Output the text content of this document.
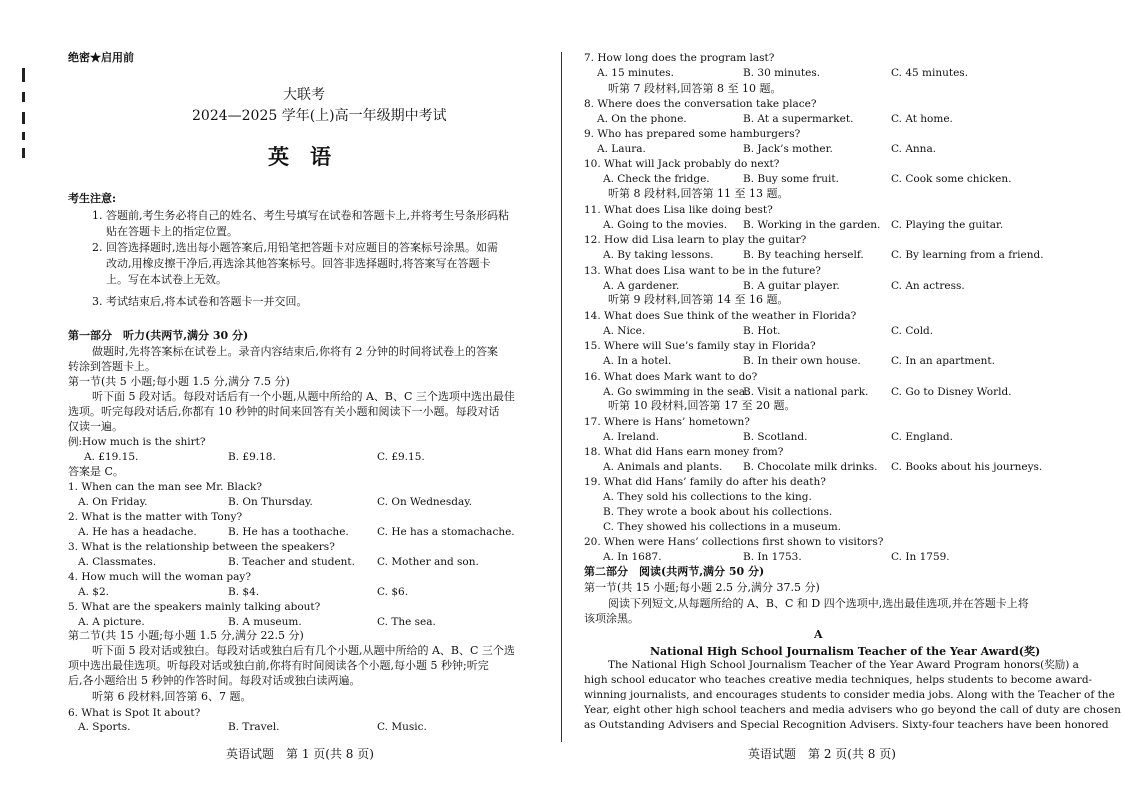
绝密★启用前
大联考
2024—2025 学年(上)高一年级期中考试
英　语
考生注意:
1. 答题前,考生务必将自己的姓名、考生号填写在试卷和答题卡上,并将考生号条形码粘
贴在答题卡上的指定位置。
2. 回答选择题时,选出每小题答案后,用铅笔把答题卡对应题目的答案标号涂黑。如需
改动,用橡皮擦干净后,再选涂其他答案标号。回答非选择题时,将答案写在答题卡
上。写在本试卷上无效。
3. 考试结束后,将本试卷和答题卡一并交回。
第一部分　听力(共两节,满分 30 分)
做题时,先将答案标在试卷上。录音内容结束后,你将有 2 分钟的时间将试卷上的答案
转涂到答题卡上。
第一节(共 5 小题;每小题 1.5 分,满分 7.5 分)
听下面 5 段对话。每段对话后有一个小题,从题中所给的 A、B、C 三个选项中选出最佳
选项。听完每段对话后,你都有 10 秒钟的时间来回答有关小题和阅读下一小题。每段对话
仅读一遍。
例:How much is the shirt?
A. £19.15.	B. £9.18.	C. £9.15.
答案是 C。
1. When can the man see Mr. Black?
A. On Friday.	B. On Thursday.	C. On Wednesday.
2. What is the matter with Tony?
A. He has a headache.	B. He has a toothache.	C. He has a stomachache.
3. What is the relationship between the speakers?
A. Classmates.	B. Teacher and student. C. Mother and son.
4. How much will the woman pay?
A. $2.	B. $4.	C. $6.
5. What are the speakers mainly talking about?
A. A picture.	B. A museum.	C. The sea.
第二节(共 15 小题;每小题 1.5 分,满分 22.5 分)
听下面 5 段对话或独白。每段对话或独白后有几个小题,从题中所给的 A、B、C 三个选
项中选出最佳选项。听每段对话或独白前,你将有时间阅读各个小题,每小题 5 秒钟;听完
后,各小题给出 5 秒钟的作答时间。每段对话或独白读两遍。
听第 6 段材料,回答第 6、7 题。
6. What is Spot It about?
A. Sports.	B. Travel.	C. Music.
英语试题　第 1 页(共 8 页)
7. How long does the program last?
A. 15 minutes.	B. 30 minutes.	C. 45 minutes.
听第 7 段材料,回答第 8 至 10 题。
8. Where does the conversation take place?
A. On the phone.	B. At a supermarket.	C. At home.
9. Who has prepared some hamburgers?
A. Laura.	B. Jack’s mother.	C. Anna.
10. What will Jack probably do next?
A. Check the fridge.	B. Buy some fruit.	C. Cook some chicken.
听第 8 段材料,回答第 11 至 13 题。
11. What does Lisa like doing best?
A. Going to the movies. B. Working in the garden. C. Playing the guitar.
12. How did Lisa learn to play the guitar?
A. By taking lessons.	B. By teaching herself.	C. By learning from a friend.
13. What does Lisa want to be in the future?
A. A gardener.	B. A guitar player.	C. An actress.
听第 9 段材料,回答第 14 至 16 题。
14. What does Sue think of the weather in Florida?
A. Nice.	B. Hot.	C. Cold.
15. Where will Sue’s family stay in Florida?
A. In a hotel.	B. In their own house.	C. In an apartment.
16. What does Mark want to do?
A. Go swimming in the sea.
B. Visit a national park. C. Go to Disney World.
听第 10 段材料,回答第 17 至 20 题。
17. Where is Hans’ hometown?
A. Ireland.	B. Scotland.	C. England.
18. What did Hans earn money from?
A. Animals and plants. B. Chocolate milk drinks. C. Books about his journeys.
19. What did Hans’ family do after his death?
A. They sold his collections to the king.
B. They wrote a book about his collections.
C. They showed his collections in a museum.
20. When were Hans’ collections first shown to visitors?
A. In 1687.	B. In 1753.	C. In 1759.
第二部分　阅读(共两节,满分 50 分)
第一节(共 15 小题;每小题 2.5 分,满分 37.5 分)
阅读下列短文,从每题所给的 A、B、C 和 D 四个选项中,选出最佳选项,并在答题卡上将
该项涂黑。
A
National High School Journalism Teacher of the Year Award(奖)
The National High School Journalism Teacher of the Year Award Program honors(奖励) a
high school educator who teaches creative media techniques, helps students to become award-
winning journalists, and encourages students to consider media jobs. Along with the Teacher of the
Year, eight other high school teachers and media advisers who go beyond the call of duty are chosen
as Outstanding Advisers and Special Recognition Advisers. Sixty-four teachers have been honored
英语试题　第 2 页(共 8 页)
